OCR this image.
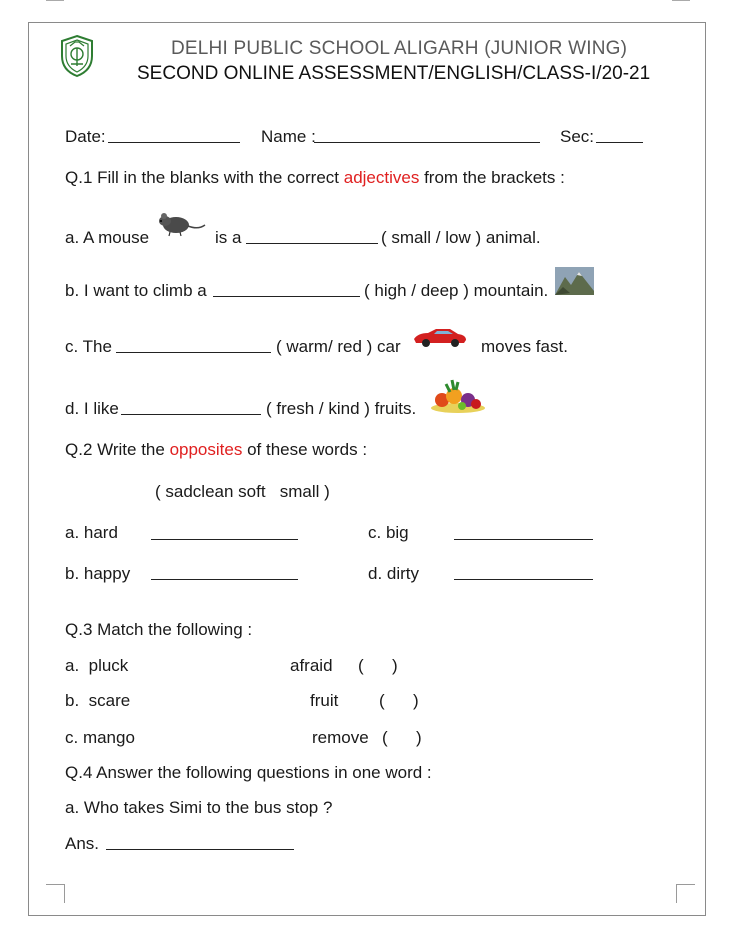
DELHI PUBLIC SCHOOL ALIGARH (JUNIOR WING)
SECOND ONLINE ASSESSMENT/ENGLISH/CLASS-I/20-21
Date:	Name :	Sec:
Q.1 Fill in the blanks with the correct adjectives from the brackets :
a. A mouse	is a	( small / low ) animal.
b. I want to climb a	( high / deep ) mountain.
c. The	( warm/ red ) car	moves fast.
d. I like	( fresh / kind ) fruits.
Q.2 Write the opposites of these words :
( sadclean soft   small )
a. hard	c. big
b. happy	d. dirty
Q.3 Match the following :
a.  pluck	afraid (      )
b.  scare	fruit (      )
c. mango	remove (      )
Q.4 Answer the following questions in one word :
a. Who takes Simi to the bus stop ?
Ans.
